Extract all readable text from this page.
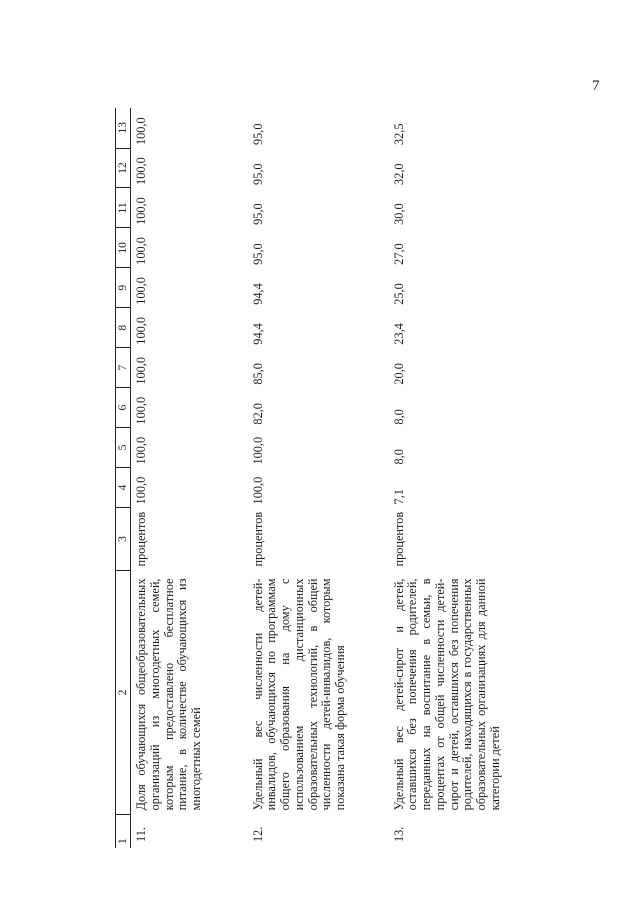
7
1	2	3	4	5	6	7	8	9	10	11	12	13
11.	Доля обучающихся общеобразовательных организаций из многодетных семей, которым предоставлено бесплатное питание, в количестве обучающихся из многодетных семей	процентов	100,0	100,0	100,0	100,0	100,0	100,0	100,0	100,0	100,0	100,0
12.	Удельный вес численности детей-инвалидов, обучающихся по программам общего образования на дому с использованием дистанционных образовательных технологий, в общей численности детей-инвалидов, которым показана такая форма обучения	процентов	100,0	100,0	82,0	85,0	94,4	94,4	95,0	95,0	95,0	95,0
13.	Удельный вес детей-сирот и детей, оставшихся без попечения родителей, переданных на воспитание в семьи, в процентах от общей численности детей-сирот и детей, оставшихся без попечения родителей, находящихся в государственных образовательных организациях для данной категории детей	процентов	7,1	8,0	8,0	20,0	23,4	25,0	27,0	30,0	32,0	32,5
